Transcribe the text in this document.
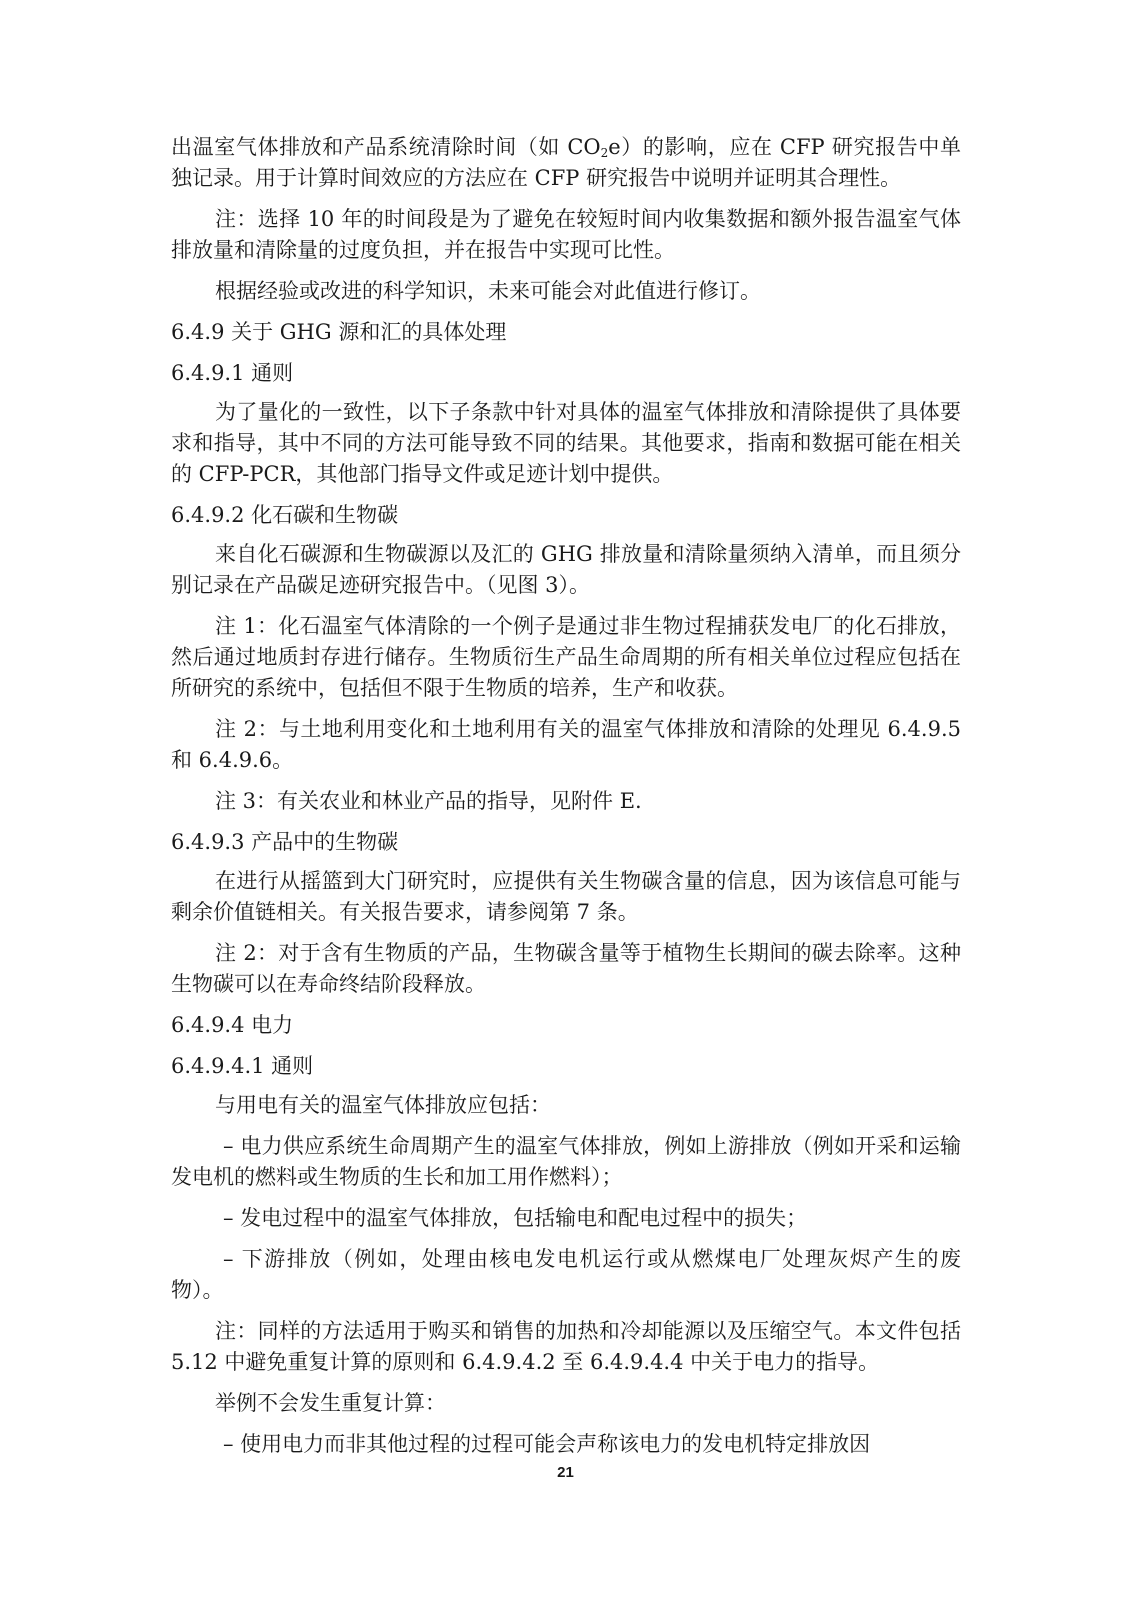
出温室气体排放和产品系统清除时间（如 $CO_2e$）的影响，应在 CFP 研究报告中单独记录。用于计算时间效应的方法应在 CFP 研究报告中说明并证明其合理性。

注：选择 10 年的时间段是为了避免在较短时间内收集数据和额外报告温室气体排放量和清除量的过度负担，并在报告中实现可比性。

根据经验或改进的科学知识，未来可能会对此值进行修订。

6.4.9 关于 GHG 源和汇的具体处理

6.4.9.1 通则

为了量化的一致性，以下子条款中针对具体的温室气体排放和清除提供了具体要求和指导，其中不同的方法可能导致不同的结果。其他要求，指南和数据可能在相关的 CFP-PCR，其他部门指导文件或足迹计划中提供。

6.4.9.2 化石碳和生物碳

来自化石碳源和生物碳源以及汇的 GHG 排放量和清除量须纳入清单，而且须分别记录在产品碳足迹研究报告中。（见图 3）。

注 1：化石温室气体清除的一个例子是通过非生物过程捕获发电厂的化石排放，然后通过地质封存进行储存。生物质衍生产品生命周期的所有相关单位过程应包括在所研究的系统中，包括但不限于生物质的培养，生产和收获。

注 2：与土地利用变化和土地利用有关的温室气体排放和清除的处理见 6.4.9.5 和 6.4.9.6。

注 3：有关农业和林业产品的指导，见附件 E.

6.4.9.3 产品中的生物碳

在进行从摇篮到大门研究时，应提供有关生物碳含量的信息，因为该信息可能与剩余价值链相关。有关报告要求，请参阅第 7 条。

注 2：对于含有生物质的产品，生物碳含量等于植物生长期间的碳去除率。这种生物碳可以在寿命终结阶段释放。

6.4.9.4 电力

6.4.9.4.1 通则

与用电有关的温室气体排放应包括：

– 电力供应系统生命周期产生的温室气体排放，例如上游排放（例如开采和运输发电机的燃料或生物质的生长和加工用作燃料）；

– 发电过程中的温室气体排放，包括输电和配电过程中的损失；

– 下游排放（例如，处理由核电发电机运行或从燃煤电厂处理灰烬产生的废物）。

注：同样的方法适用于购买和销售的加热和冷却能源以及压缩空气。本文件包括 5.12 中避免重复计算的原则和 6.4.9.4.2 至 6.4.9.4.4 中关于电力的指导。

举例不会发生重复计算：

– 使用电力而非其他过程的过程可能会声称该电力的发电机特定排放因

21
